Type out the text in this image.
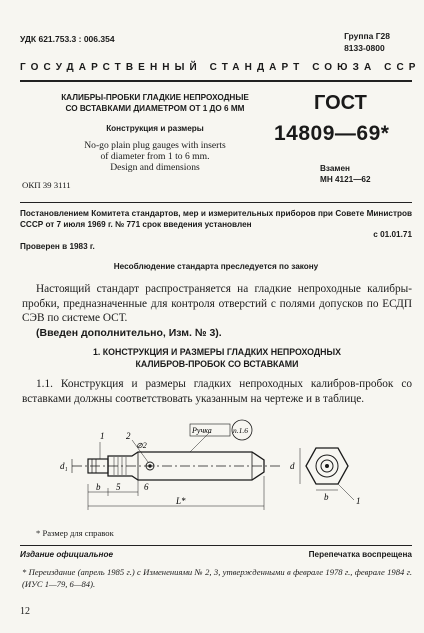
УДК 621.753.3 : 006.354	Группа Г28
8133-0800
ГОСУДАРСТВЕННЫЙ СТАНДАРТ СОЮЗА ССР
КАЛИБРЫ-ПРОБКИ ГЛАДКИЕ НЕПРОХОДНЫЕ
СО ВСТАВКАМИ ДИАМЕТРОМ ОТ 1 ДО 6 ММ
Конструкция и размеры
No-go plain plug gauges with inserts
of diameter from 1 to 6 mm.
Design and dimensions
ОКП 39 3111
ГОСТ
14809—69*
Взамен
МН 4121—62
Постановлением Комитета стандартов, мер и измерительных приборов при Совете Министров СССР от 7 июля 1969 г. № 771 срок введения установлен
с 01.01.71
Проверен в 1983 г.
Несоблюдение стандарта преследуется по закону

Настоящий стандарт распространяется на гладкие непроходные калибры-пробки, предназначенные для контроля отверстий с полями допусков по ЕСДП СЭВ по системе ОСТ.

(Введен дополнительно, Изм. № 3).

1. КОНСТРУКЦИЯ И РАЗМЕРЫ ГЛАДКИХ НЕПРОХОДНЫХ
КАЛИБРОВ-ПРОБОК СО ВСТАВКАМИ

1.1. Конструкция и размеры гладких непроходных калибров-пробок со вставками должны соответствовать указанным на чертеже и в таблице.

1 2
d₁
b 5	6
L*
d
b	1
⊘2
Ручка	п.1.6
* Размер для справок
Издание официальное	Перепечатка воспрещена
* Переиздание (апрель 1985 г.) с Изменениями № 2, 3, утвержденными в феврале 1978 г., феврале 1984 г. (ИУС 1—79, 6—84).
12
